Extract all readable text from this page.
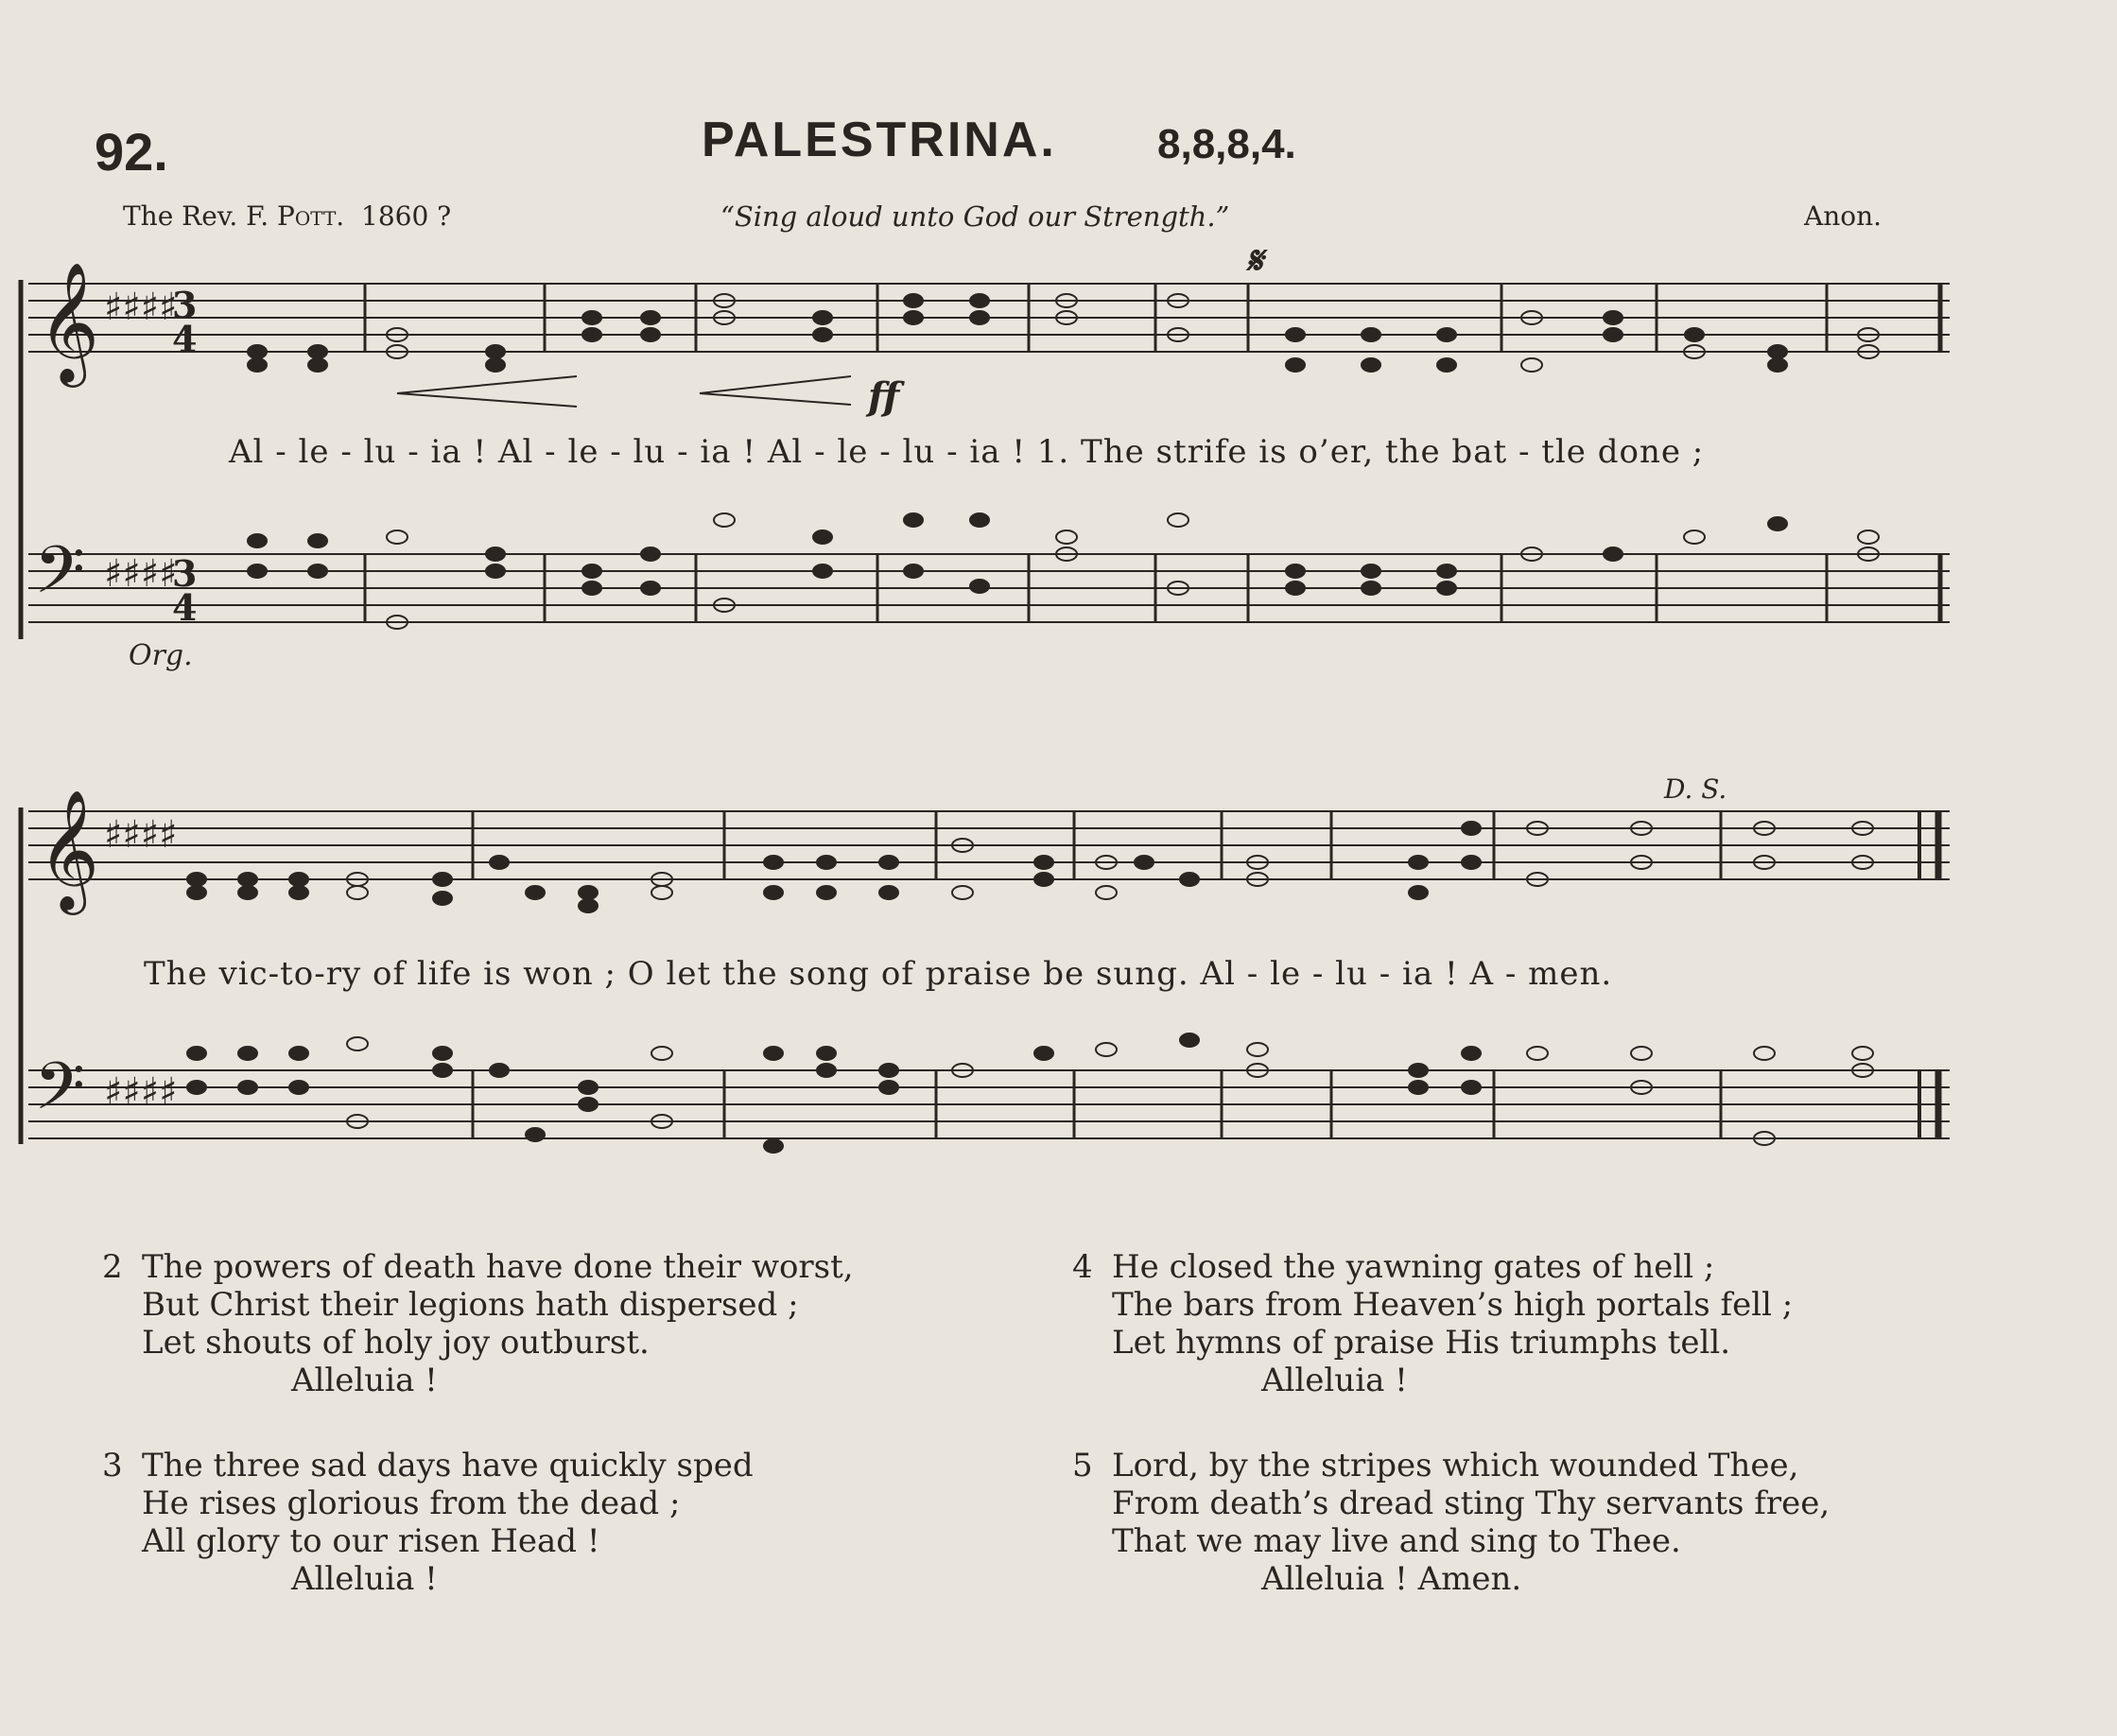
92.	PALESTRINA. 8,8,8,4.
The Rev. F. Pott. 1860 ?	“Sing aloud unto God our Strength.”	Anon.
𝄞 ♯♯♯♯
3
4
𝄢 ♯♯♯♯
3
4
𝄞 ♯♯♯♯
𝄢 ♯♯♯♯
𝄋
ff
Al - le - lu - ia ! Al - le - lu - ia ! Al - le - lu - ia ! 1. The strife is o’er, the bat - tle done ;
Org.
D. S.
The vic-to-ry of life is won ; O let the song of praise be sung. Al - le - lu - ia ! A - men.
2 The powers of death have done their worst,
But Christ their legions hath dispersed ;
Let shouts of holy joy outburst.
Alleluia !
3 The three sad days have quickly sped
He rises glorious from the dead ;
All glory to our risen Head !
Alleluia !
4 He closed the yawning gates of hell ;
The bars from Heaven’s high portals fell ;
Let hymns of praise His triumphs tell.
Alleluia !
5 Lord, by the stripes which wounded Thee,
From death’s dread sting Thy servants free,
That we may live and sing to Thee.
Alleluia ! Amen.
